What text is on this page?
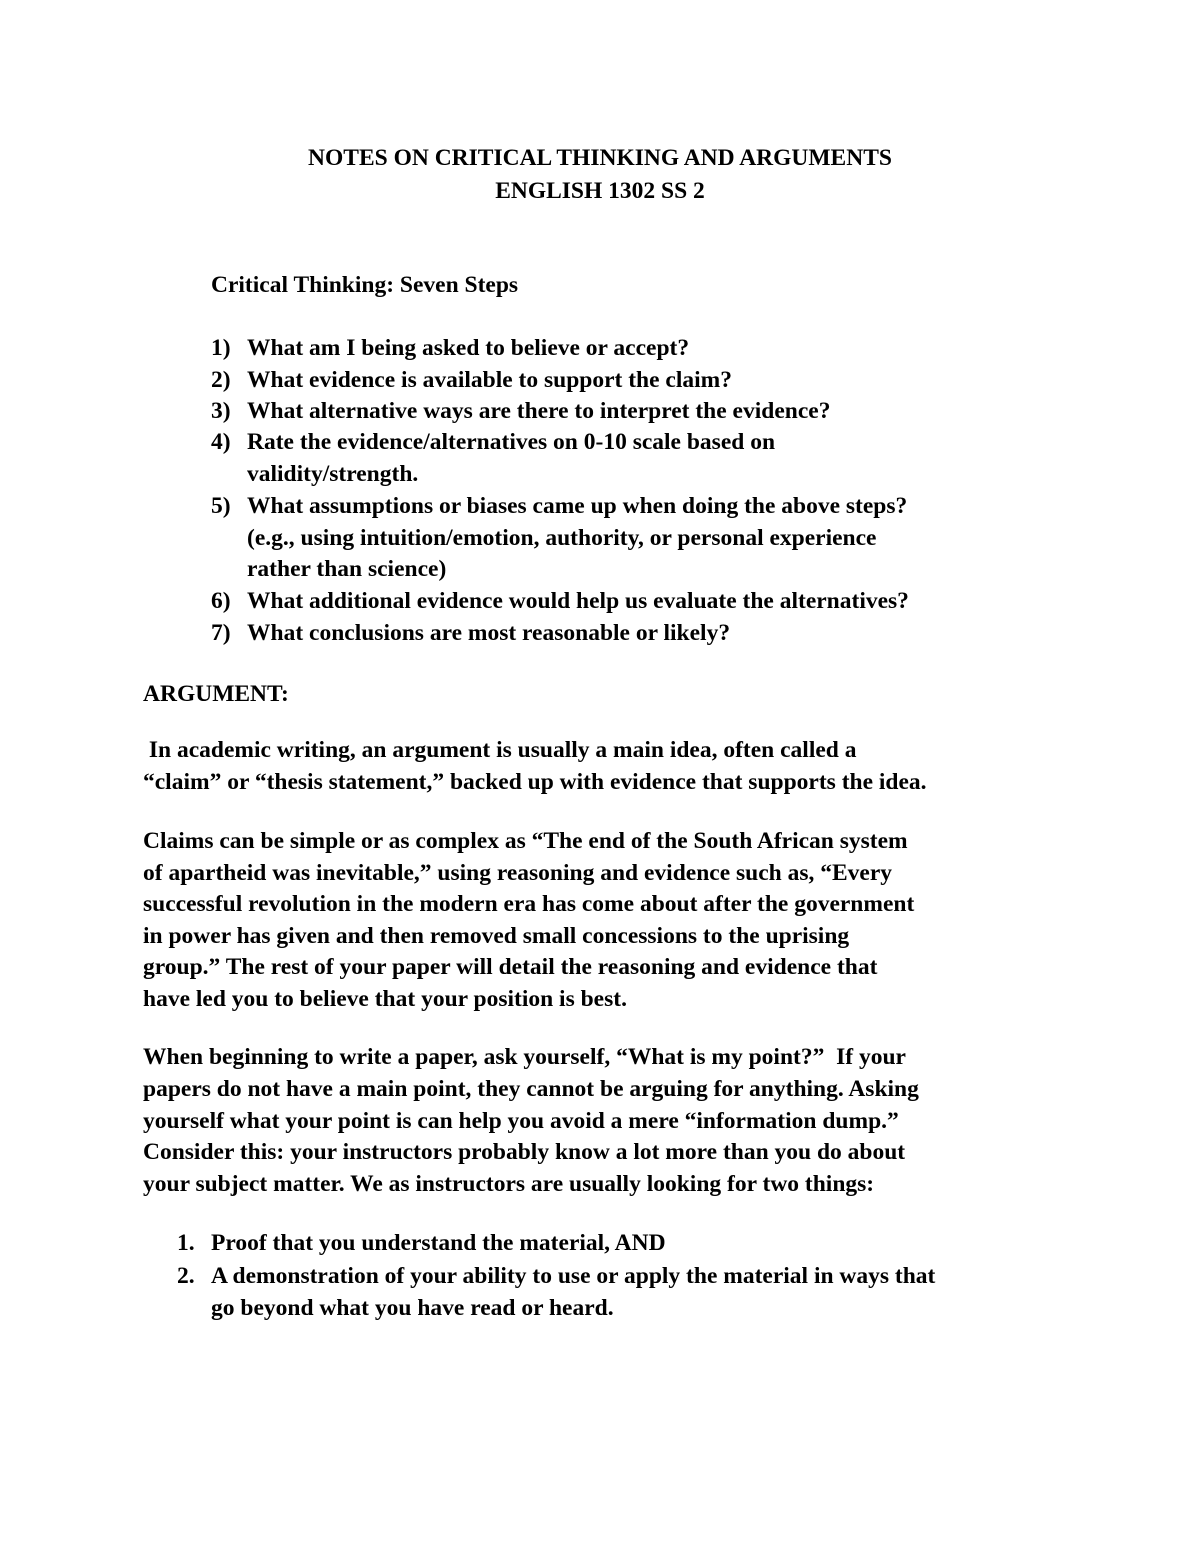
NOTES ON CRITICAL THINKING AND ARGUMENTS
ENGLISH 1302 SS 2
Critical Thinking: Seven Steps
1) What am I being asked to believe or accept?
2) What evidence is available to support the claim?
3) What alternative ways are there to interpret the evidence?
4) Rate the evidence/alternatives on 0-10 scale based on
validity/strength.
5) What assumptions or biases came up when doing the above steps?
(e.g., using intuition/emotion, authority, or personal experience
rather than science)
6) What additional evidence would help us evaluate the alternatives?
7) What conclusions are most reasonable or likely?
ARGUMENT:
In academic writing, an argument is usually a main idea, often called a
“claim” or “thesis statement,” backed up with evidence that supports the idea.
Claims can be simple or as complex as “The end of the South African system
of apartheid was inevitable,” using reasoning and evidence such as, “Every
successful revolution in the modern era has come about after the government
in power has given and then removed small concessions to the uprising
group.” The rest of your paper will detail the reasoning and evidence that
have led you to believe that your position is best.
When beginning to write a paper, ask yourself, “What is my point?”  If your
papers do not have a main point, they cannot be arguing for anything. Asking
yourself what your point is can help you avoid a mere “information dump.”
Consider this: your instructors probably know a lot more than you do about
your subject matter. We as instructors are usually looking for two things:
1. Proof that you understand the material, AND
2. A demonstration of your ability to use or apply the material in ways that
go beyond what you have read or heard.
